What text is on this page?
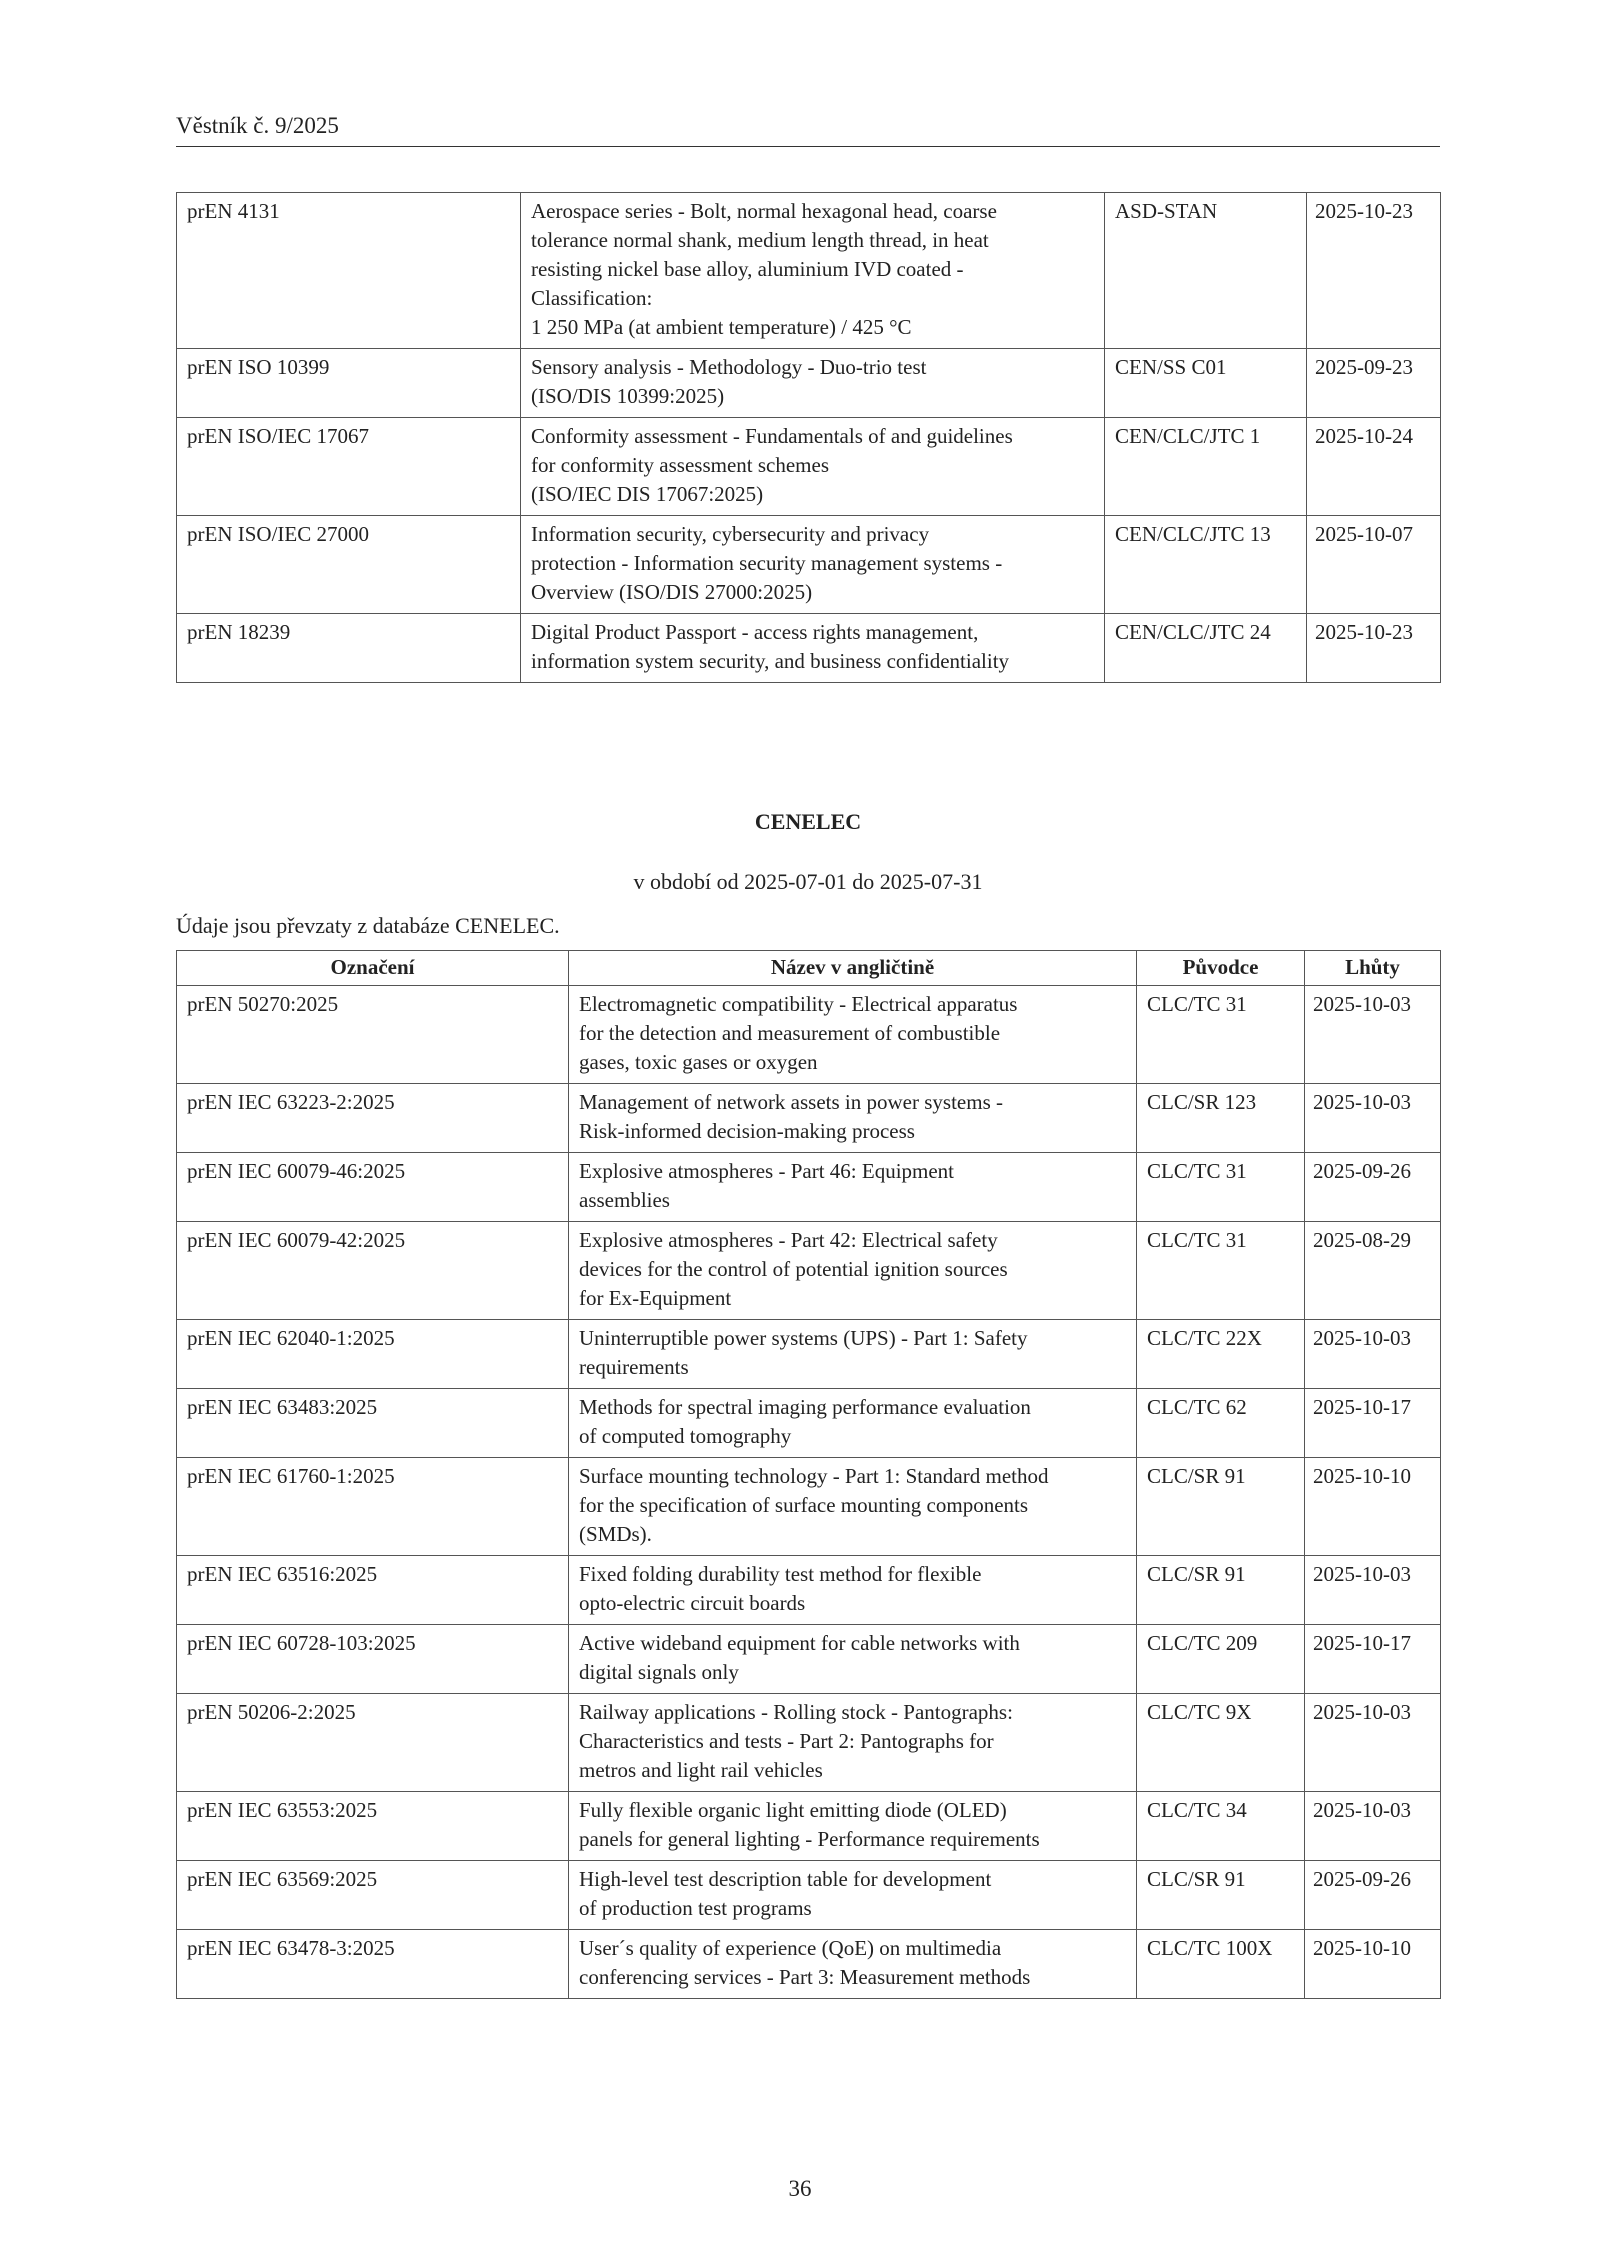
Věstník č. 9/2025
prEN 4131	Aerospace series - Bolt, normal hexagonal head, coarse
tolerance normal shank, medium length thread, in heat
resisting nickel base alloy, aluminium IVD coated -
Classification:
1 250 MPa (at ambient temperature) / 425 °C	ASD-STAN	2025-10-23
prEN ISO 10399	Sensory analysis - Methodology - Duo-trio test
(ISO/DIS 10399:2025)	CEN/SS C01	2025-09-23
prEN ISO/IEC 17067	Conformity assessment - Fundamentals of and guidelines
for conformity assessment schemes
(ISO/IEC DIS 17067:2025)	CEN/CLC/JTC 1	2025-10-24
prEN ISO/IEC 27000	Information security, cybersecurity and privacy
protection - Information security management systems -
Overview (ISO/DIS 27000:2025)	CEN/CLC/JTC 13	2025-10-07
prEN 18239	Digital Product Passport - access rights management,
information system security, and business confidentiality	CEN/CLC/JTC 24	2025-10-23
CENELEC
v období od 2025-07-01 do 2025-07-31
Údaje jsou převzaty z databáze CENELEC.
Označení	Název v angličtině	Původce	Lhůty
prEN 50270:2025	Electromagnetic compatibility - Electrical apparatus
for the detection and measurement of combustible
gases, toxic gases or oxygen	CLC/TC 31	2025-10-03
prEN IEC 63223-2:2025	Management of network assets in power systems -
Risk-informed decision-making process	CLC/SR 123	2025-10-03
prEN IEC 60079-46:2025	Explosive atmospheres - Part 46: Equipment
assemblies	CLC/TC 31	2025-09-26
prEN IEC 60079-42:2025	Explosive atmospheres - Part 42: Electrical safety
devices for the control of potential ignition sources
for Ex-Equipment	CLC/TC 31	2025-08-29
prEN IEC 62040-1:2025	Uninterruptible power systems (UPS) - Part 1: Safety
requirements	CLC/TC 22X	2025-10-03
prEN IEC 63483:2025	Methods for spectral imaging performance evaluation
of computed tomography	CLC/TC 62	2025-10-17
prEN IEC 61760-1:2025	Surface mounting technology - Part 1: Standard method
for the specification of surface mounting components
(SMDs).	CLC/SR 91	2025-10-10
prEN IEC 63516:2025	Fixed folding durability test method for flexible
opto-electric circuit boards	CLC/SR 91	2025-10-03
prEN IEC 60728-103:2025	Active wideband equipment for cable networks with
digital signals only	CLC/TC 209	2025-10-17
prEN 50206-2:2025	Railway applications - Rolling stock - Pantographs:
Characteristics and tests - Part 2: Pantographs for
metros and light rail vehicles	CLC/TC 9X	2025-10-03
prEN IEC 63553:2025	Fully flexible organic light emitting diode (OLED)
panels for general lighting - Performance requirements	CLC/TC 34	2025-10-03
prEN IEC 63569:2025	High-level test description table for development
of production test programs	CLC/SR 91	2025-09-26
prEN IEC 63478-3:2025	User´s quality of experience (QoE) on multimedia
conferencing services - Part 3: Measurement methods	CLC/TC 100X	2025-10-10
36
